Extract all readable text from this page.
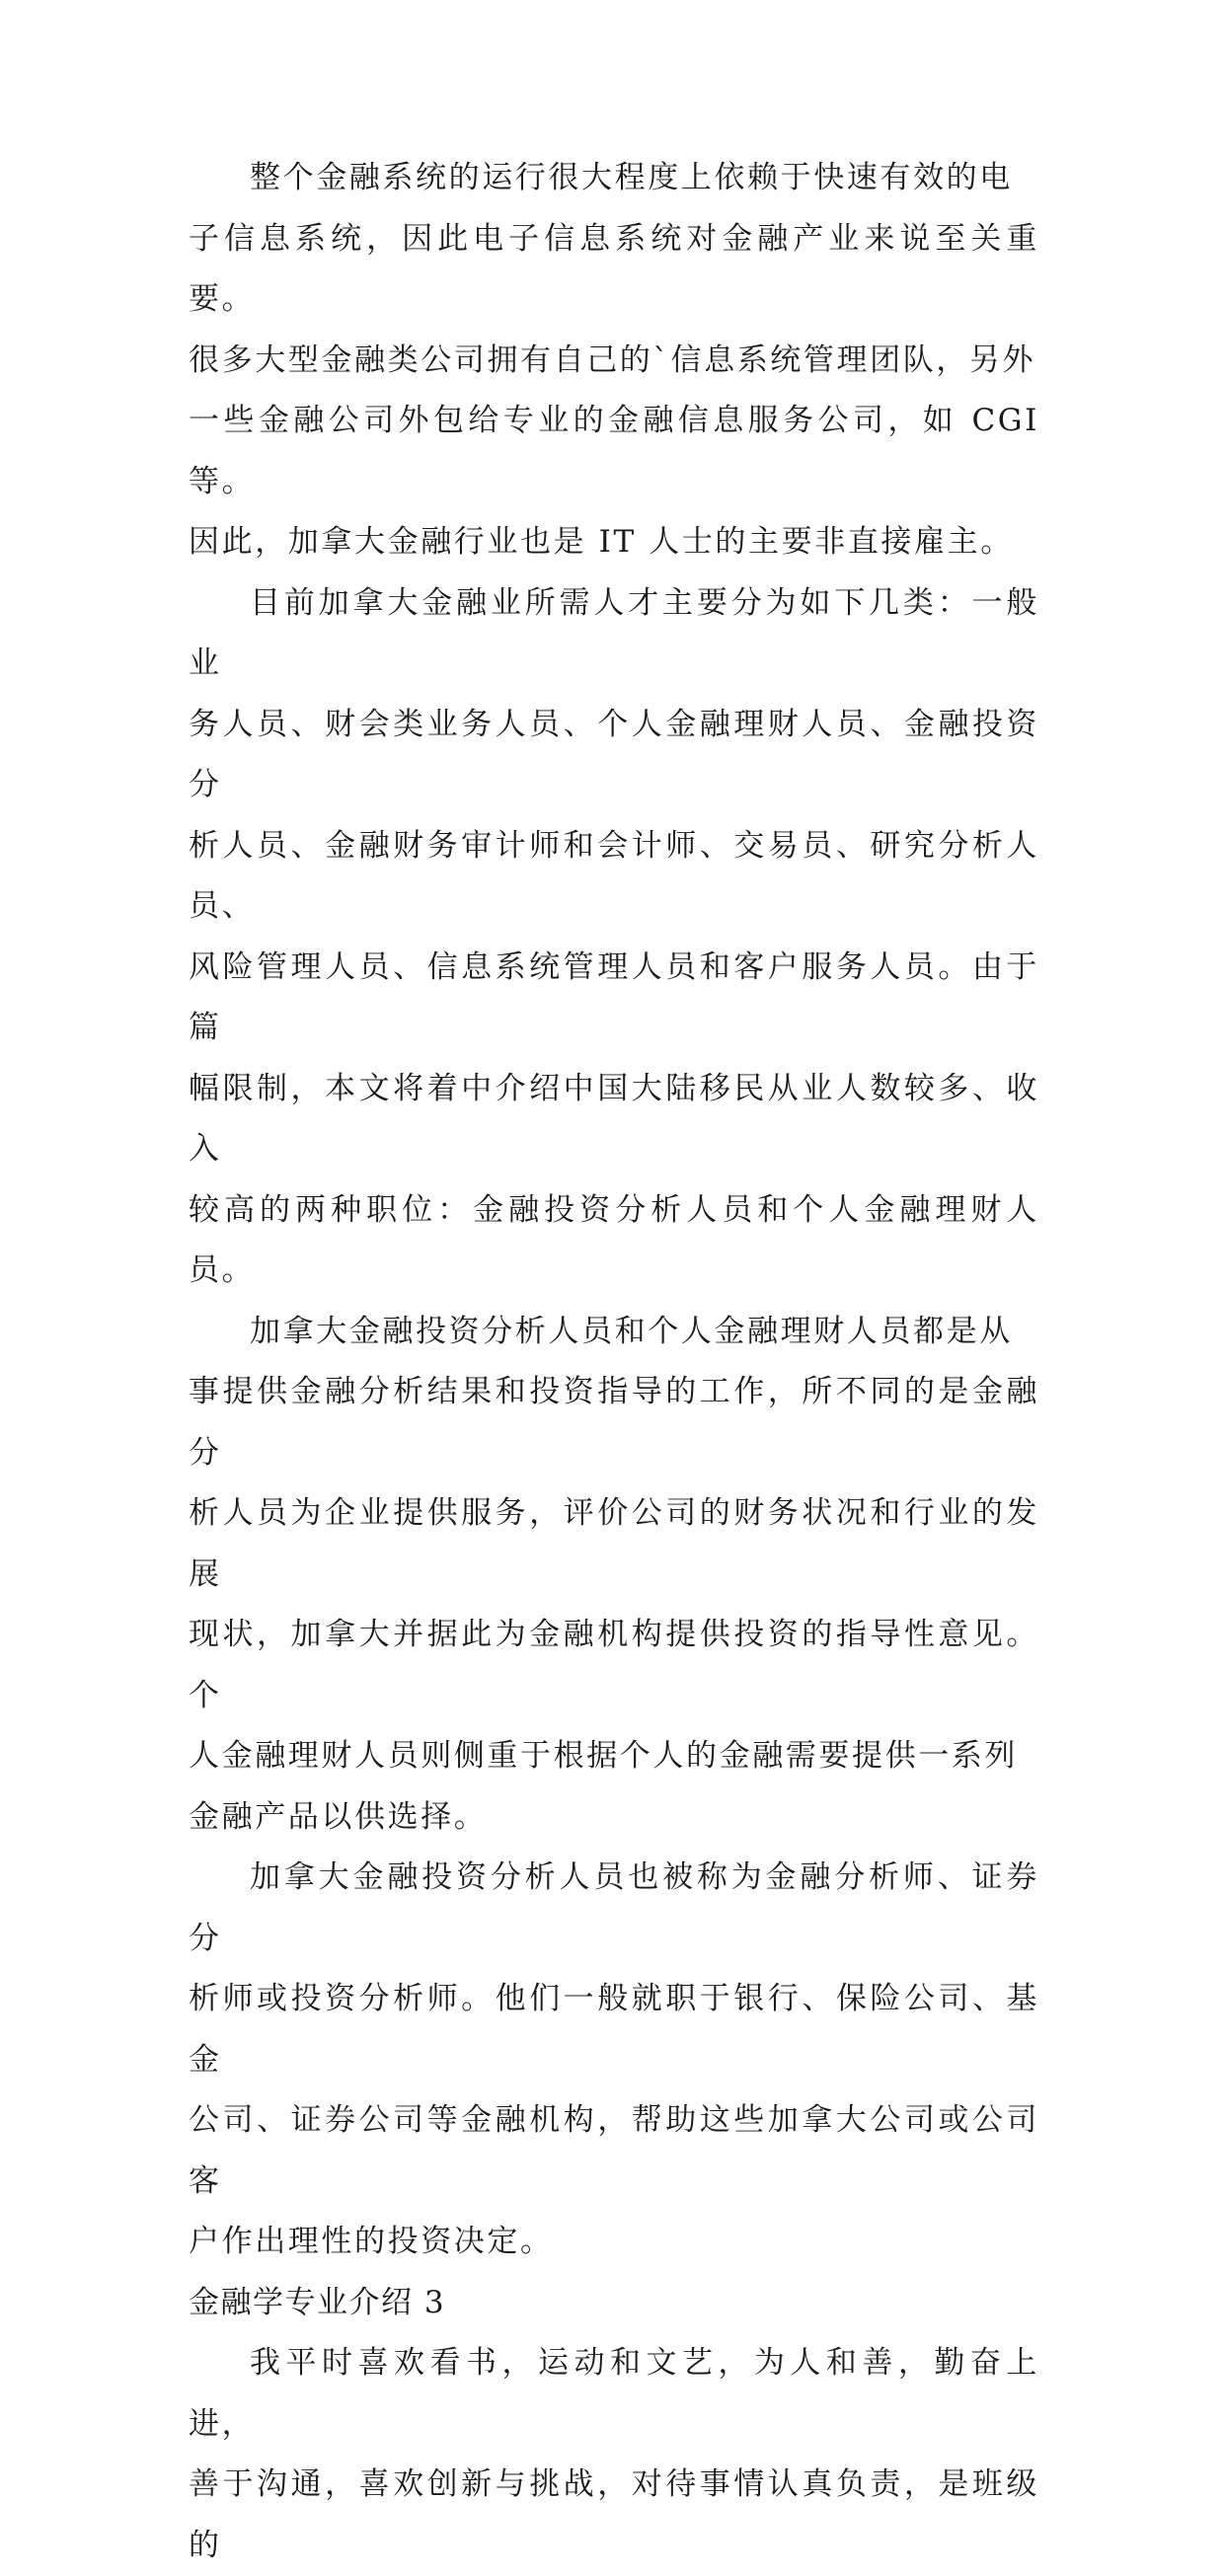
整个金融系统的运行很大程度上依赖于快速有效的电
子信息系统，因此电子信息系统对金融产业来说至关重要。
很多大型金融类公司拥有自己的`信息系统管理团队，另外
一些金融公司外包给专业的金融信息服务公司，如 CGI 等。
因此，加拿大金融行业也是 IT 人士的主要非直接雇主。

目前加拿大金融业所需人才主要分为如下几类：一般业
务人员、财会类业务人员、个人金融理财人员、金融投资分
析人员、金融财务审计师和会计师、交易员、研究分析人员、
风险管理人员、信息系统管理人员和客户服务人员。由于篇
幅限制，本文将着中介绍中国大陆移民从业人数较多、收入
较高的两种职位：金融投资分析人员和个人金融理财人员。

加拿大金融投资分析人员和个人金融理财人员都是从
事提供金融分析结果和投资指导的工作，所不同的是金融分
析人员为企业提供服务，评价公司的财务状况和行业的发展
现状，加拿大并据此为金融机构提供投资的指导性意见。个
人金融理财人员则侧重于根据个人的金融需要提供一系列
金融产品以供选择。

加拿大金融投资分析人员也被称为金融分析师、证券分
析师或投资分析师。他们一般就职于银行、保险公司、基金
公司、证券公司等金融机构，帮助这些加拿大公司或公司客
户作出理性的投资决定。

金融学专业介绍 3

我平时喜欢看书，运动和文艺，为人和善，勤奋上进，
善于沟通，喜欢创新与挑战，对待事情认真负责，是班级的
